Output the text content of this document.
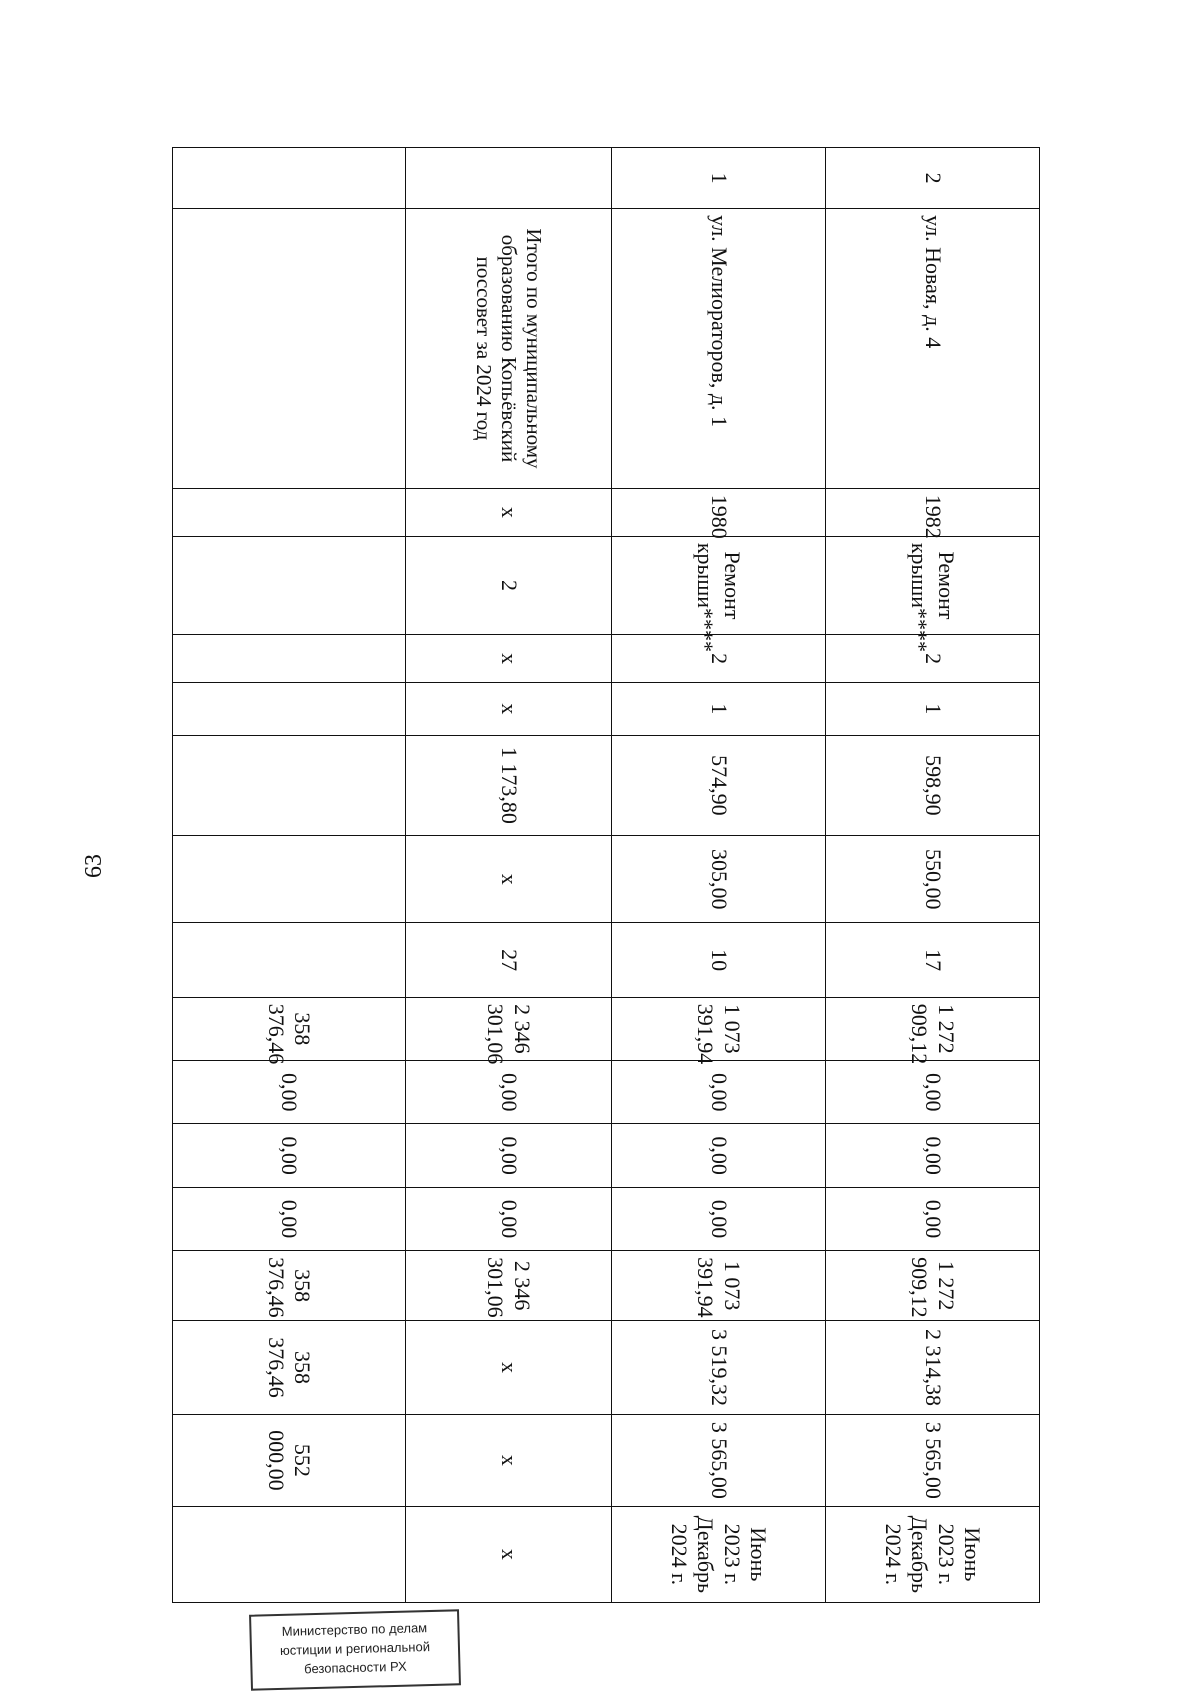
63
2	ул. Новая, д. 4	1982	Ремонт крыши****	2	1	598,90	550,00	17	1 272 909,12	0,00	0,00	0,00	1 272 909,12	2 314,38	3 565,00	Июнь 2023 г. Декабрь 2024 г.
1	ул. Мелиораторов, д. 1	1980	Ремонт крыши****	2	1	574,90	305,00	10	1 073 391,94	0,00	0,00	0,00	1 073 391,94	3 519,32	3 565,00	Июнь 2023 г. Декабрь 2024 г.
	Итого по муниципальному образованию Копьёвский поссовет за 2024 год	х	2	х	х	1 173,80	х	27	2 346 301,06	0,00	0,00	0,00	2 346 301,06	х	х	х
									358 376,46	0,00	0,00	0,00	358 376,46	358 376,46	552 000,00	
Министерство по делам
юстиции и региональной
безопасности РХ
